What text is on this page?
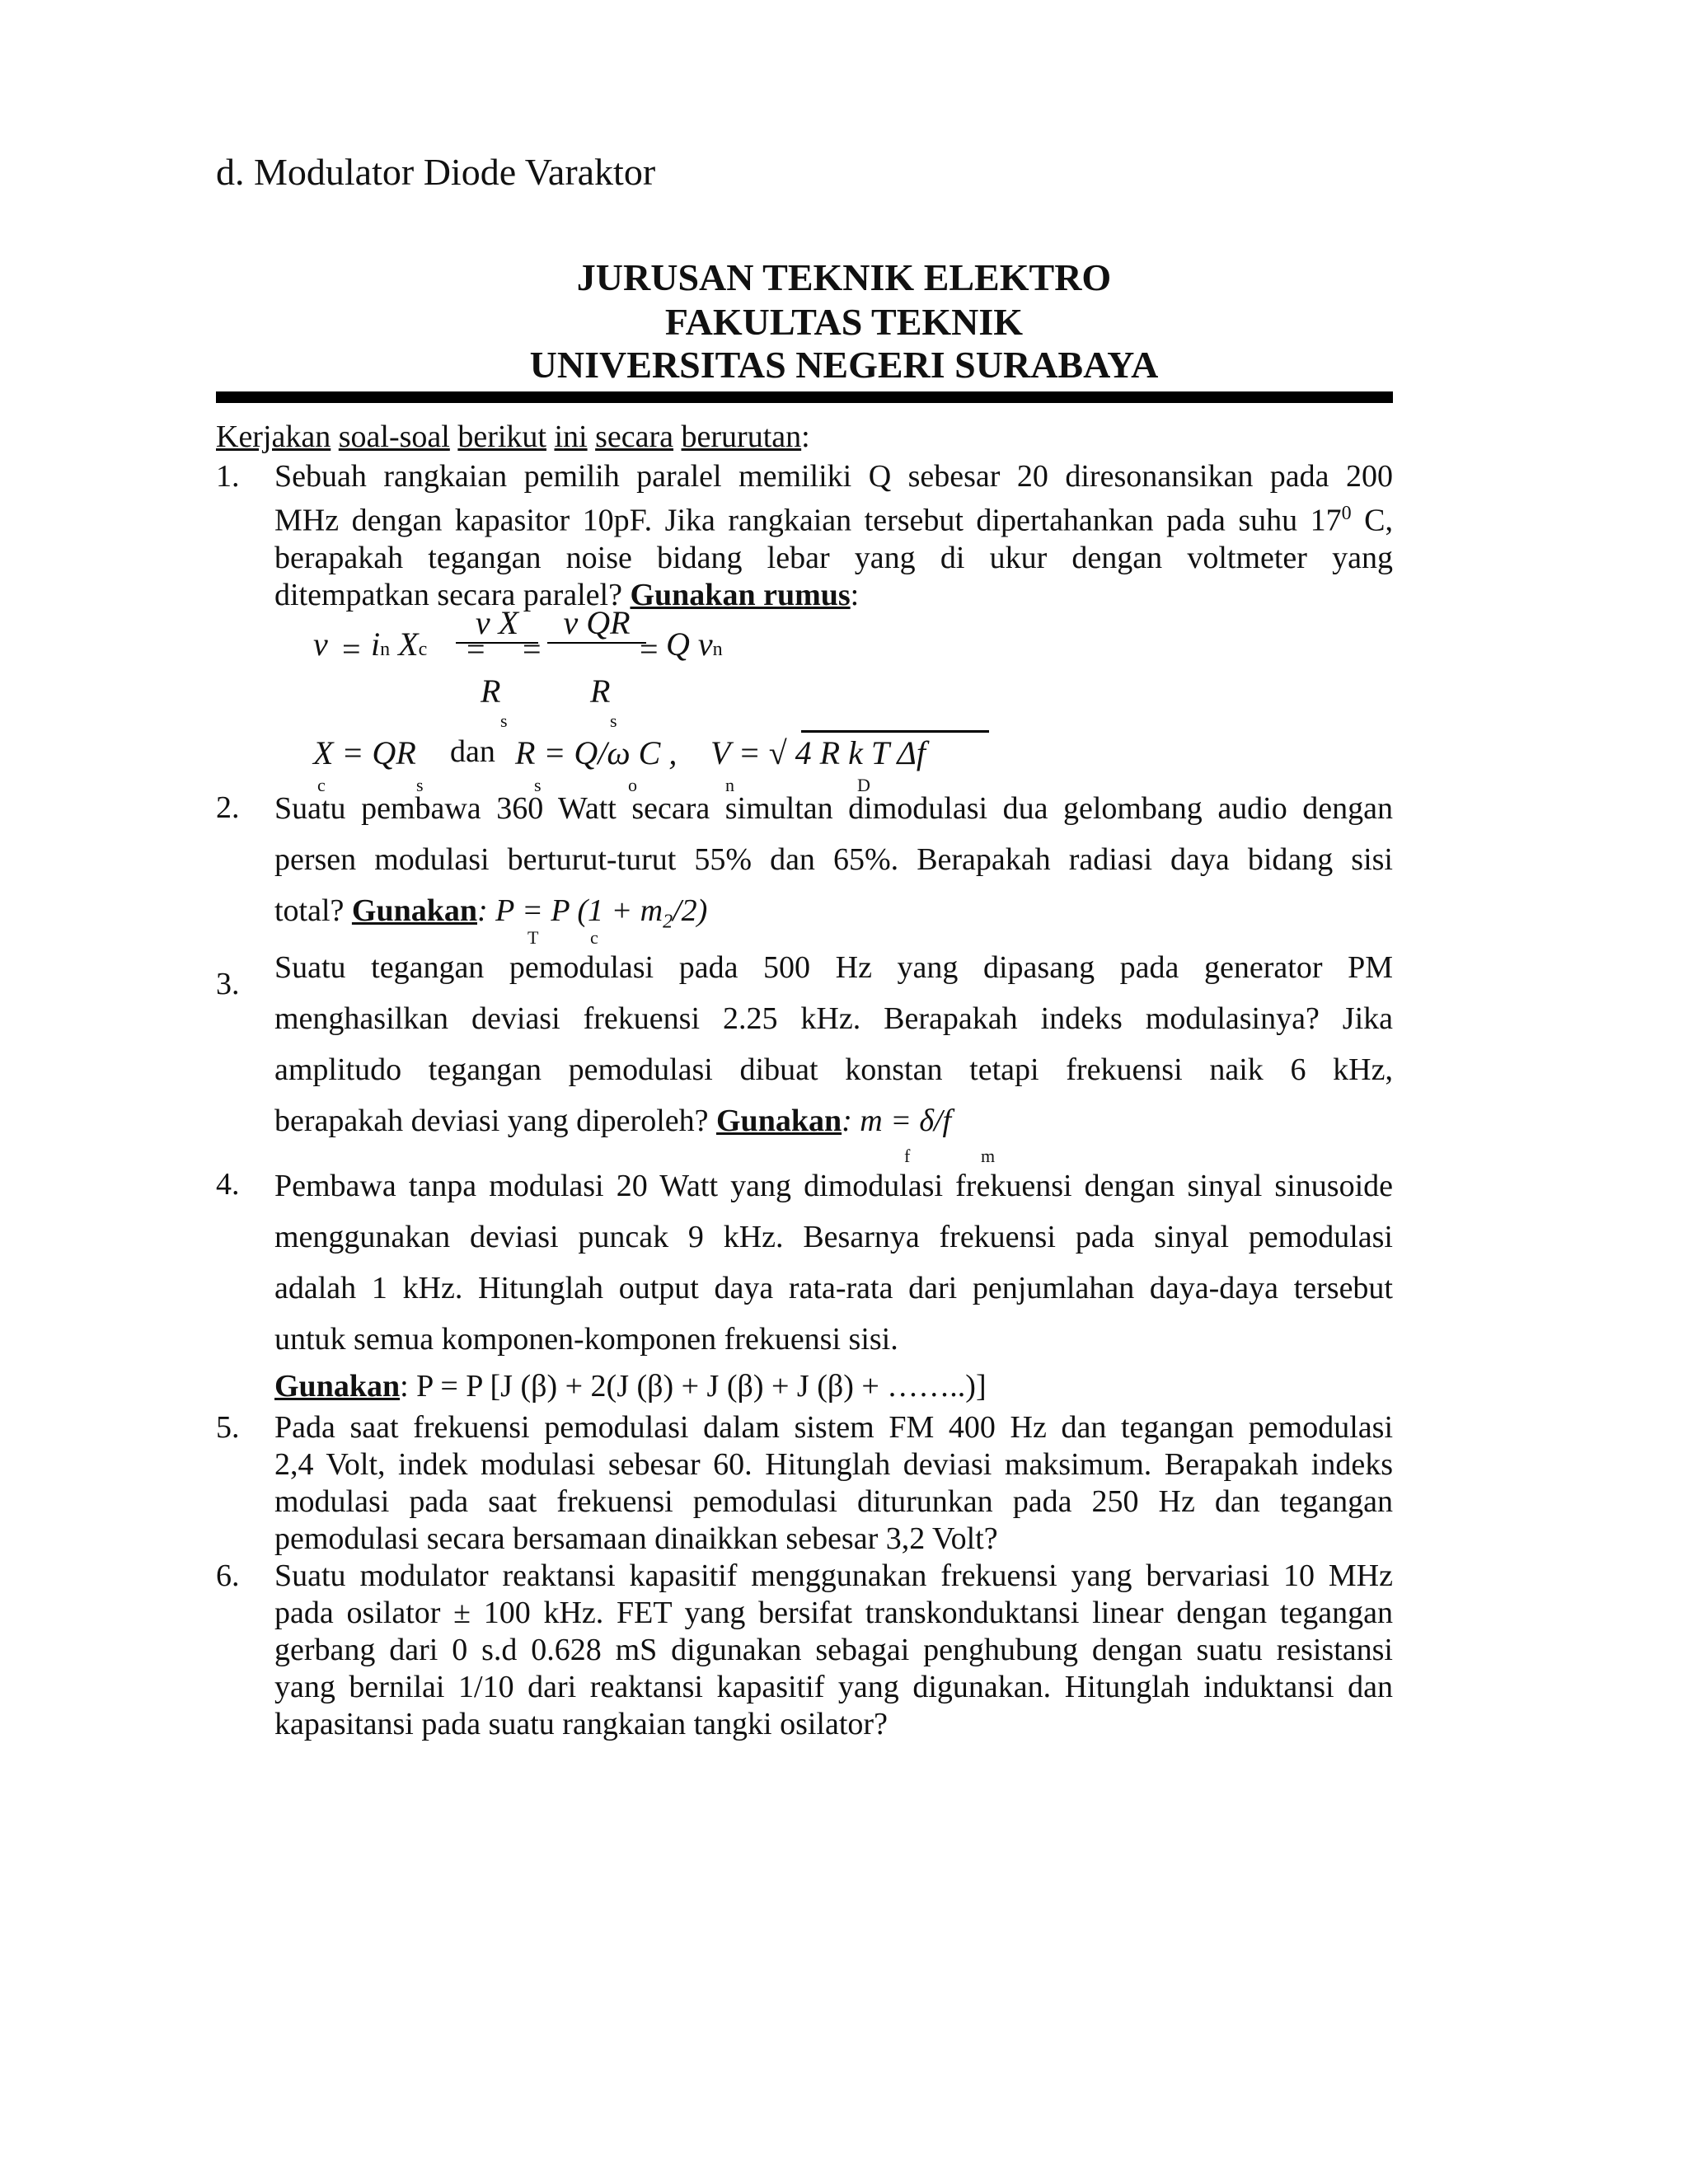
d. Modulator Diode Varaktor
JURUSAN TEKNIK ELEKTRO
FAKULTAS TEKNIK
UNIVERSITAS NEGERI SURABAYA
Kerjakan soal-soal berikut ini secara berurutan:
1. Sebuah rangkaian pemilih paralel memiliki Q sebesar 20 diresonansikan pada 200
MHz dengan kapasitor 10pF. Jika rangkaian tersebut dipertahankan pada suhu $17^0$ C,
berapakah tegangan noise bidang lebar yang di ukur dengan voltmeter yang
ditempatkan secara paralel? Gunakan rumus:
v = in Xc =
v X
=
v QR
= Q vn
R
s
R
s
X = QR
c	s
dan R = Q/ω C ,
s	o
V = √ 4 R k T Δf
n	D
2. Suatu pembawa 360 Watt secara simultan dimodulasi dua gelombang audio dengan
persen modulasi berturut-turut 55% dan 65%. Berapakah radiasi daya bidang sisi
total? Gunakan: P = P $(1 + m_2/2)$
T	c
3. Suatu tegangan pemodulasi pada 500 Hz yang dipasang pada generator PM
menghasilkan deviasi frekuensi 2.25 kHz. Berapakah indeks modulasinya? Jika
amplitudo tegangan pemodulasi dibuat konstan tetapi frekuensi naik 6 kHz,
berapakah deviasi yang diperoleh? Gunakan: m = δ/f
f	m
4. Pembawa tanpa modulasi 20 Watt yang dimodulasi frekuensi dengan sinyal sinusoide
menggunakan deviasi puncak 9 kHz. Besarnya frekuensi pada sinyal pemodulasi
adalah 1 kHz. Hitunglah output daya rata-rata dari penjumlahan daya-daya tersebut
untuk semua komponen-komponen frekuensi sisi.
Gunakan: P = P [J (β) + 2(J (β) + J (β) + J (β) + ……..)]
5. Pada saat frekuensi pemodulasi dalam sistem FM 400 Hz dan tegangan pemodulasi
2,4 Volt, indek modulasi sebesar 60. Hitunglah deviasi maksimum. Berapakah indeks
modulasi pada saat frekuensi pemodulasi diturunkan pada 250 Hz dan tegangan
pemodulasi secara bersamaan dinaikkan sebesar 3,2 Volt?
6. Suatu modulator reaktansi kapasitif menggunakan frekuensi yang bervariasi 10 MHz
pada osilator ± 100 kHz. FET yang bersifat transkonduktansi linear dengan tegangan
gerbang dari 0 s.d 0.628 mS digunakan sebagai penghubung dengan suatu resistansi
yang bernilai 1/10 dari reaktansi kapasitif yang digunakan. Hitunglah induktansi dan
kapasitansi pada suatu rangkaian tangki osilator?
